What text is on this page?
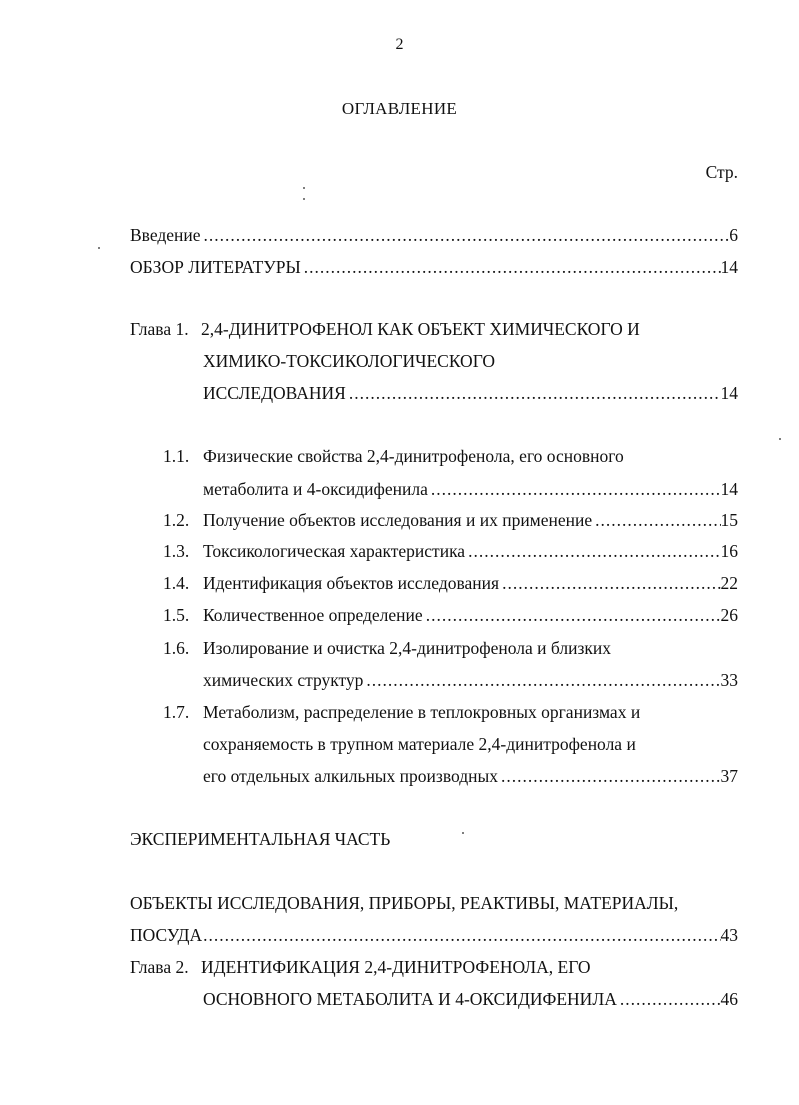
2
ОГЛАВЛЕНИЕ
Стр.
Введение .....	6
ОБЗОР ЛИТЕРАТУРЫ .....	14
Глава 1. 2,4-ДИНИТРОФЕНОЛ КАК ОБЪЕКТ ХИМИЧЕСКОГО И
ХИМИКО-ТОКСИКОЛОГИЧЕСКОГО
ИССЛЕДОВАНИЯ .....	14
1.1. Физические свойства 2,4-динитрофенола, его основного
метаболита и 4-оксидифенила .....	14
1.2. Получение объектов исследования и их применение .....	15
1.3. Токсикологическая характеристика .....	16
1.4. Идентификация объектов исследования .....	22
1.5. Количественное определение .....	26
1.6. Изолирование и очистка 2,4-динитрофенола и близких
химических структур .....	33
1.7. Метаболизм, распределение в теплокровных организмах и
сохраняемость в трупном материале 2,4-динитрофенола и
его отдельных алкильных производных .....	37
ЭКСПЕРИМЕНТАЛЬНАЯ ЧАСТЬ
ОБЪЕКТЫ ИССЛЕДОВАНИЯ, ПРИБОРЫ, РЕАКТИВЫ, МАТЕРИАЛЫ,
ПОСУДА .....	43
Глава 2. ИДЕНТИФИКАЦИЯ 2,4-ДИНИТРОФЕНОЛА, ЕГО
ОСНОВНОГО МЕТАБОЛИТА И 4-ОКСИДИФЕНИЛА .....	46
